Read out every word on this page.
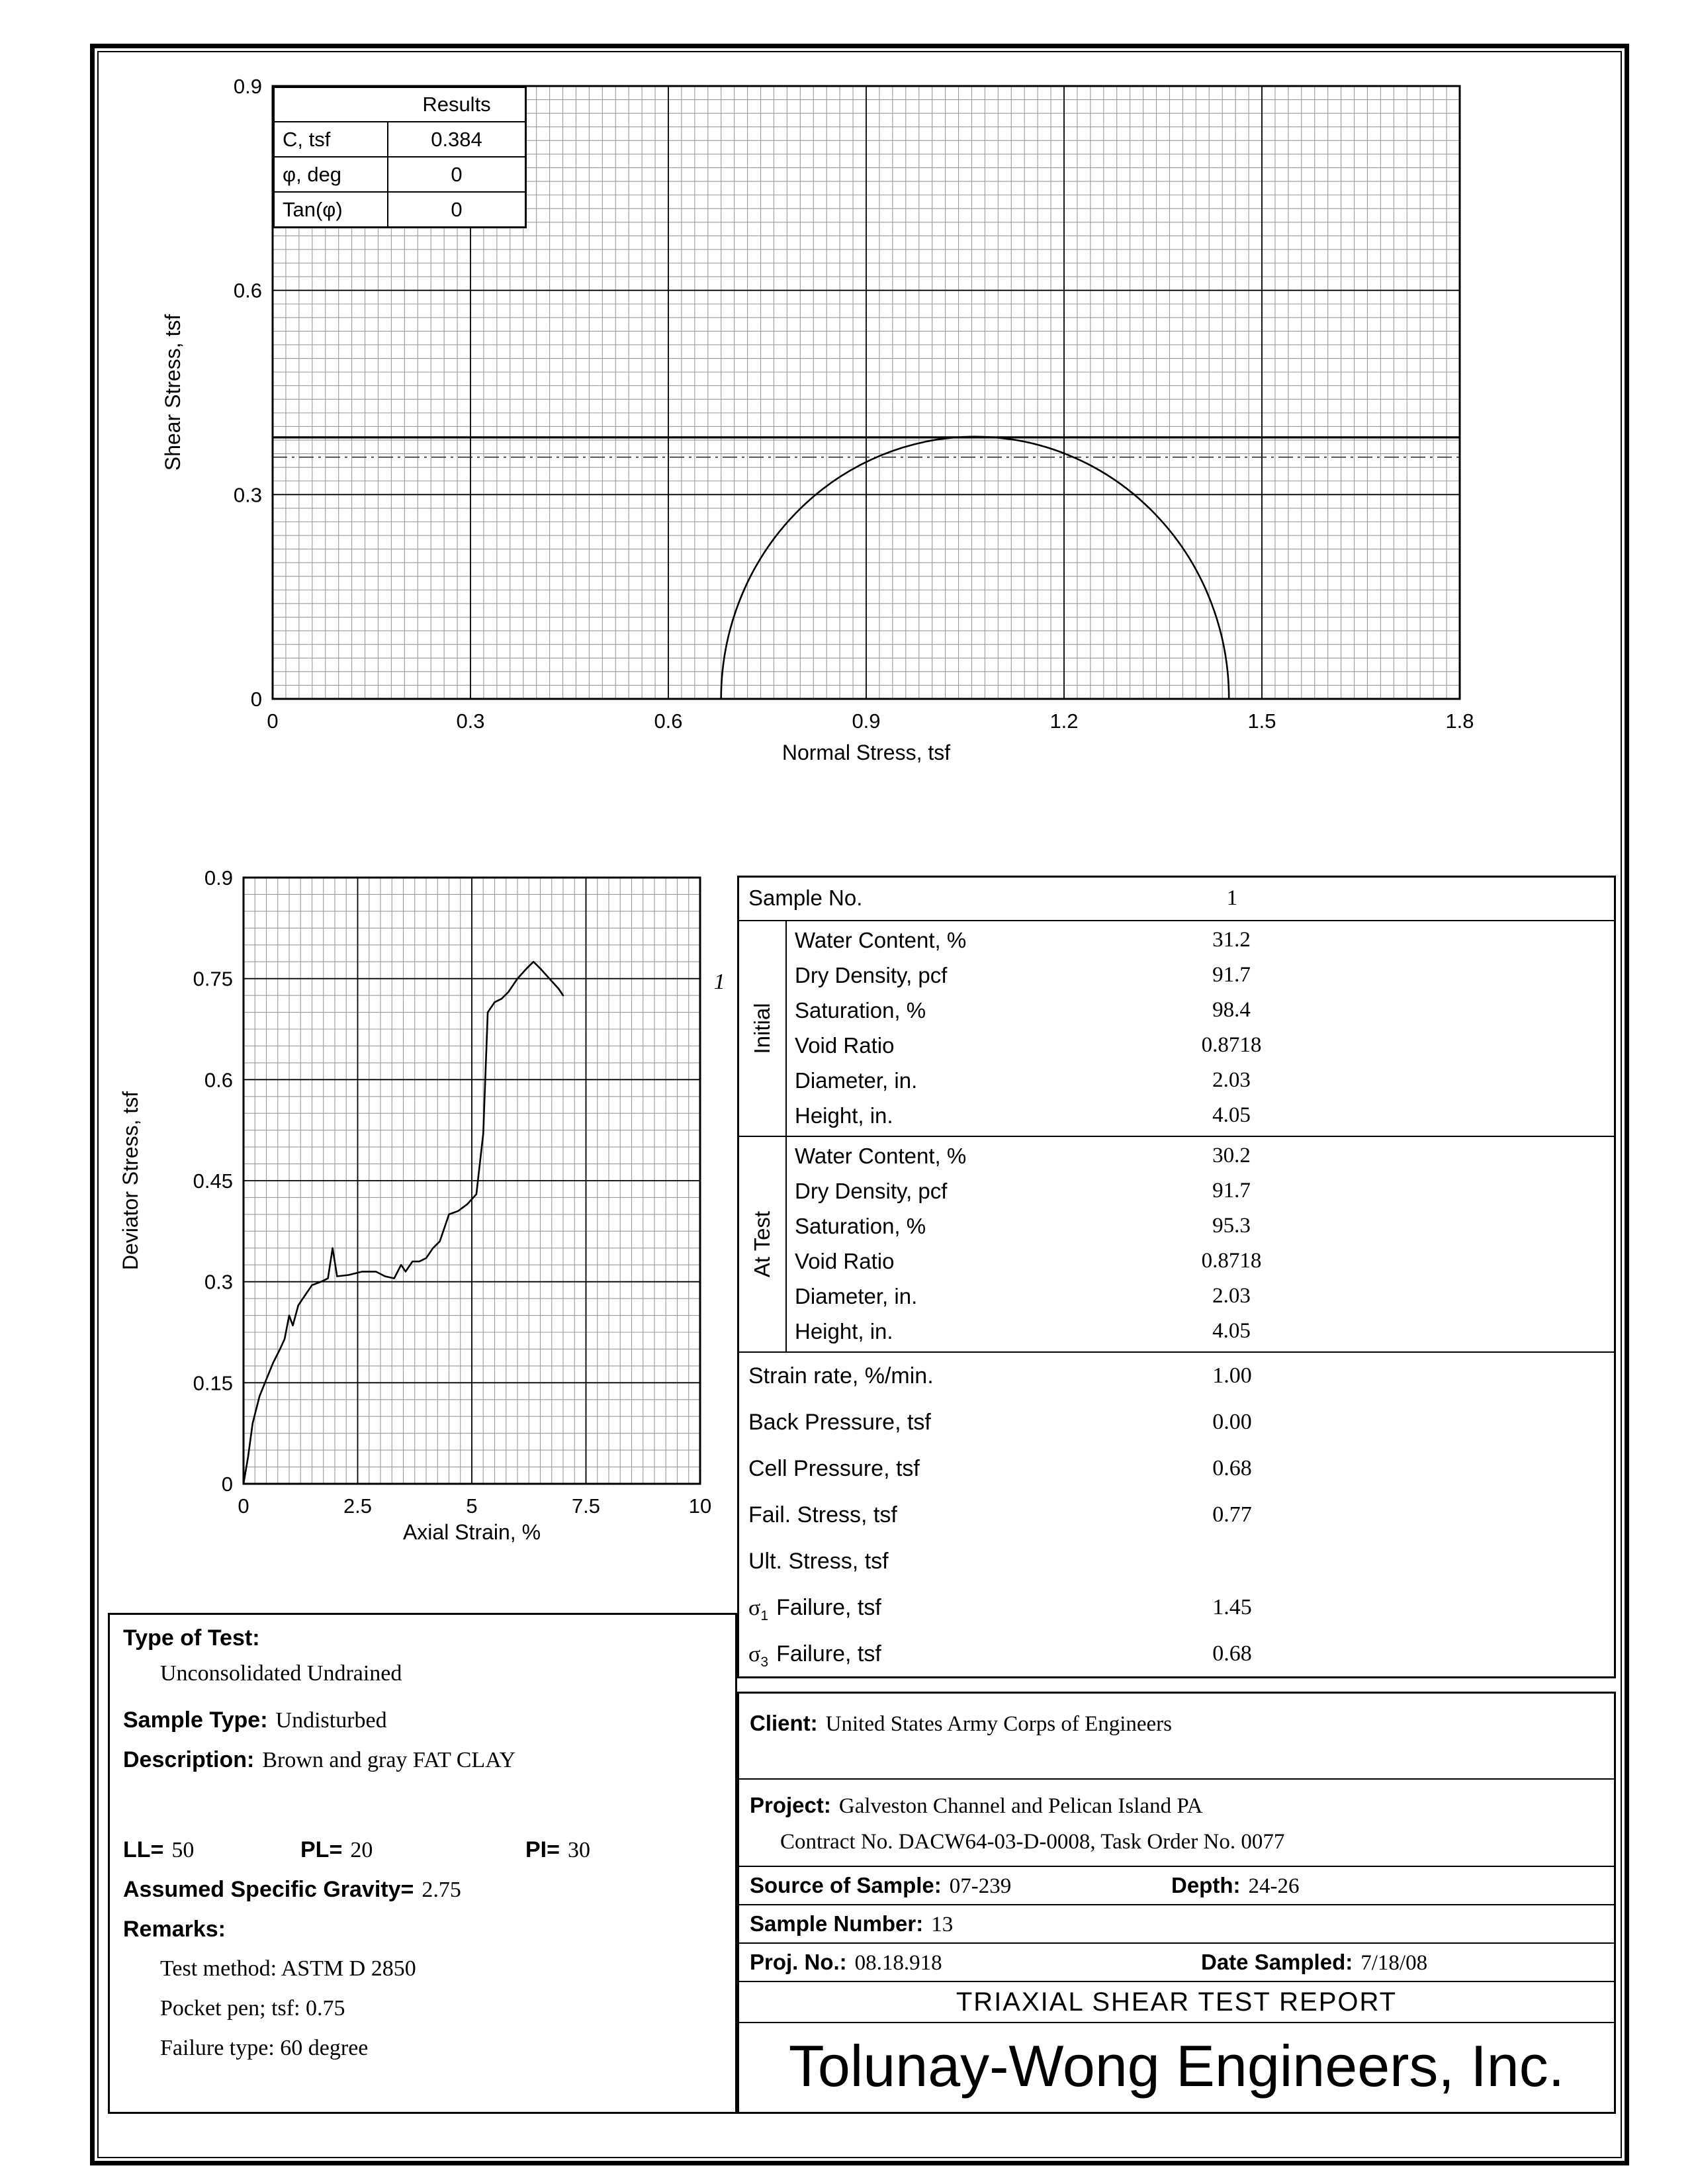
0	0.3	0.6	0.9	1.2	1.5	1.8
0
0.3
0.6
0.9
Normal Stress, tsf
Shear Stress, tsf
Results
C, tsf	0.384
φ, deg	0
Tan(φ)	0
1
0	2.5	5	7.5	10
0
0.15
0.3
0.45
0.6
0.75
0.9
Axial Strain, %
Deviator Stress, tsf
Sample No.	1
Initial
Water Content, %	31.2
Dry Density, pcf	91.7
Saturation, %	98.4
Void Ratio	0.8718
Diameter, in.	2.03
Height, in.	4.05
At Test
Water Content, %	30.2
Dry Density, pcf	91.7
Saturation, %	95.3
Void Ratio	0.8718
Diameter, in.	2.03
Height, in.	4.05
Strain rate, %/min.	1.00
Back Pressure, tsf	0.00
Cell Pressure, tsf	0.68
Fail. Stress, tsf	0.77
Ult. Stress, tsf
$\sigma_1$ Failure, tsf	1.45
$\sigma_3$ Failure, tsf	0.68
Type of Test:
Unconsolidated Undrained
Sample Type: Undisturbed
Description: Brown and gray FAT CLAY
LL= 50	PL= 20	PI= 30
Assumed Specific Gravity= 2.75
Remarks:
Test method: ASTM D 2850
Pocket pen; tsf: 0.75
Failure type: 60 degree
Client: United States Army Corps of Engineers
Project: Galveston Channel and Pelican Island PA
Contract No. DACW64-03-D-0008, Task Order No. 0077
Source of Sample: 07-239	Depth: 24-26
Sample Number: 13
Proj. No.: 08.18.918	Date Sampled: 7/18/08
TRIAXIAL SHEAR TEST REPORT
Tolunay-Wong Engineers, Inc.
